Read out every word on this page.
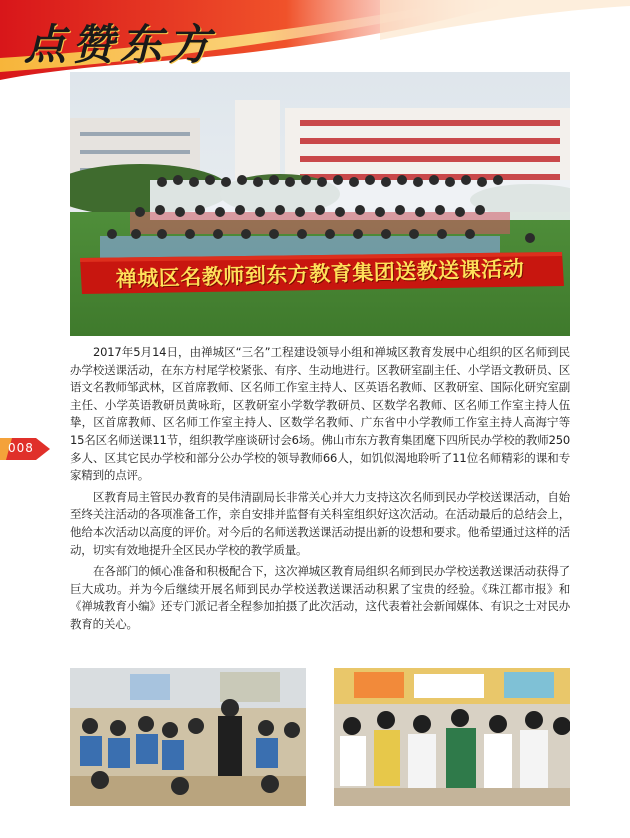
点赞东方
禅城区名教师到东方教育集团送教送课活动
008

2017年5月14日，由禅城区“三名”工程建设领导小组和禅城区教育发展中心组织的区名师到民办学校送课活动，在东方村尾学校紧张、有序、生动地进行。区教研室副主任、小学语文教研员、区语文名教师邹武林，区首席教师、区名师工作室主持人、区英语名教师、区教研室、国际化研究室副主任、小学英语教研员黄咏珩，区教研室小学数学教研员、区数学名教师、区名师工作室主持人伍挚，区首席教师、区名师工作室主持人、区数学名教师、广东省中小学教师工作室主持人高海宁等15名区名师送课11节，组织教学座谈研讨会6场。佛山市东方教育集团麾下四所民办学校的教师250多人、区其它民办学校和部分公办学校的领导教师66人，如饥似渴地聆听了11位名师精彩的课和专家精到的点评。

区教育局主管民办教育的吴伟清副局长非常关心并大力支持这次名师到民办学校送课活动，自始至终关注活动的各项准备工作，亲自安排并监督有关科室组织好这次活动。在活动最后的总结会上，他给本次活动以高度的评价。对今后的名师送教送课活动提出新的设想和要求。他希望通过这样的活动，切实有效地提升全区民办学校的教学质量。

在各部门的倾心准备和积极配合下，这次禅城区教育局组织名师到民办学校送教送课活动获得了巨大成功。并为今后继续开展名师到民办学校送教送课活动积累了宝贵的经验。《珠江都市报》和《禅城教育小编》还专门派记者全程参加拍摄了此次活动，这代表着社会新闻媒体、有识之士对民办教育的关心。
